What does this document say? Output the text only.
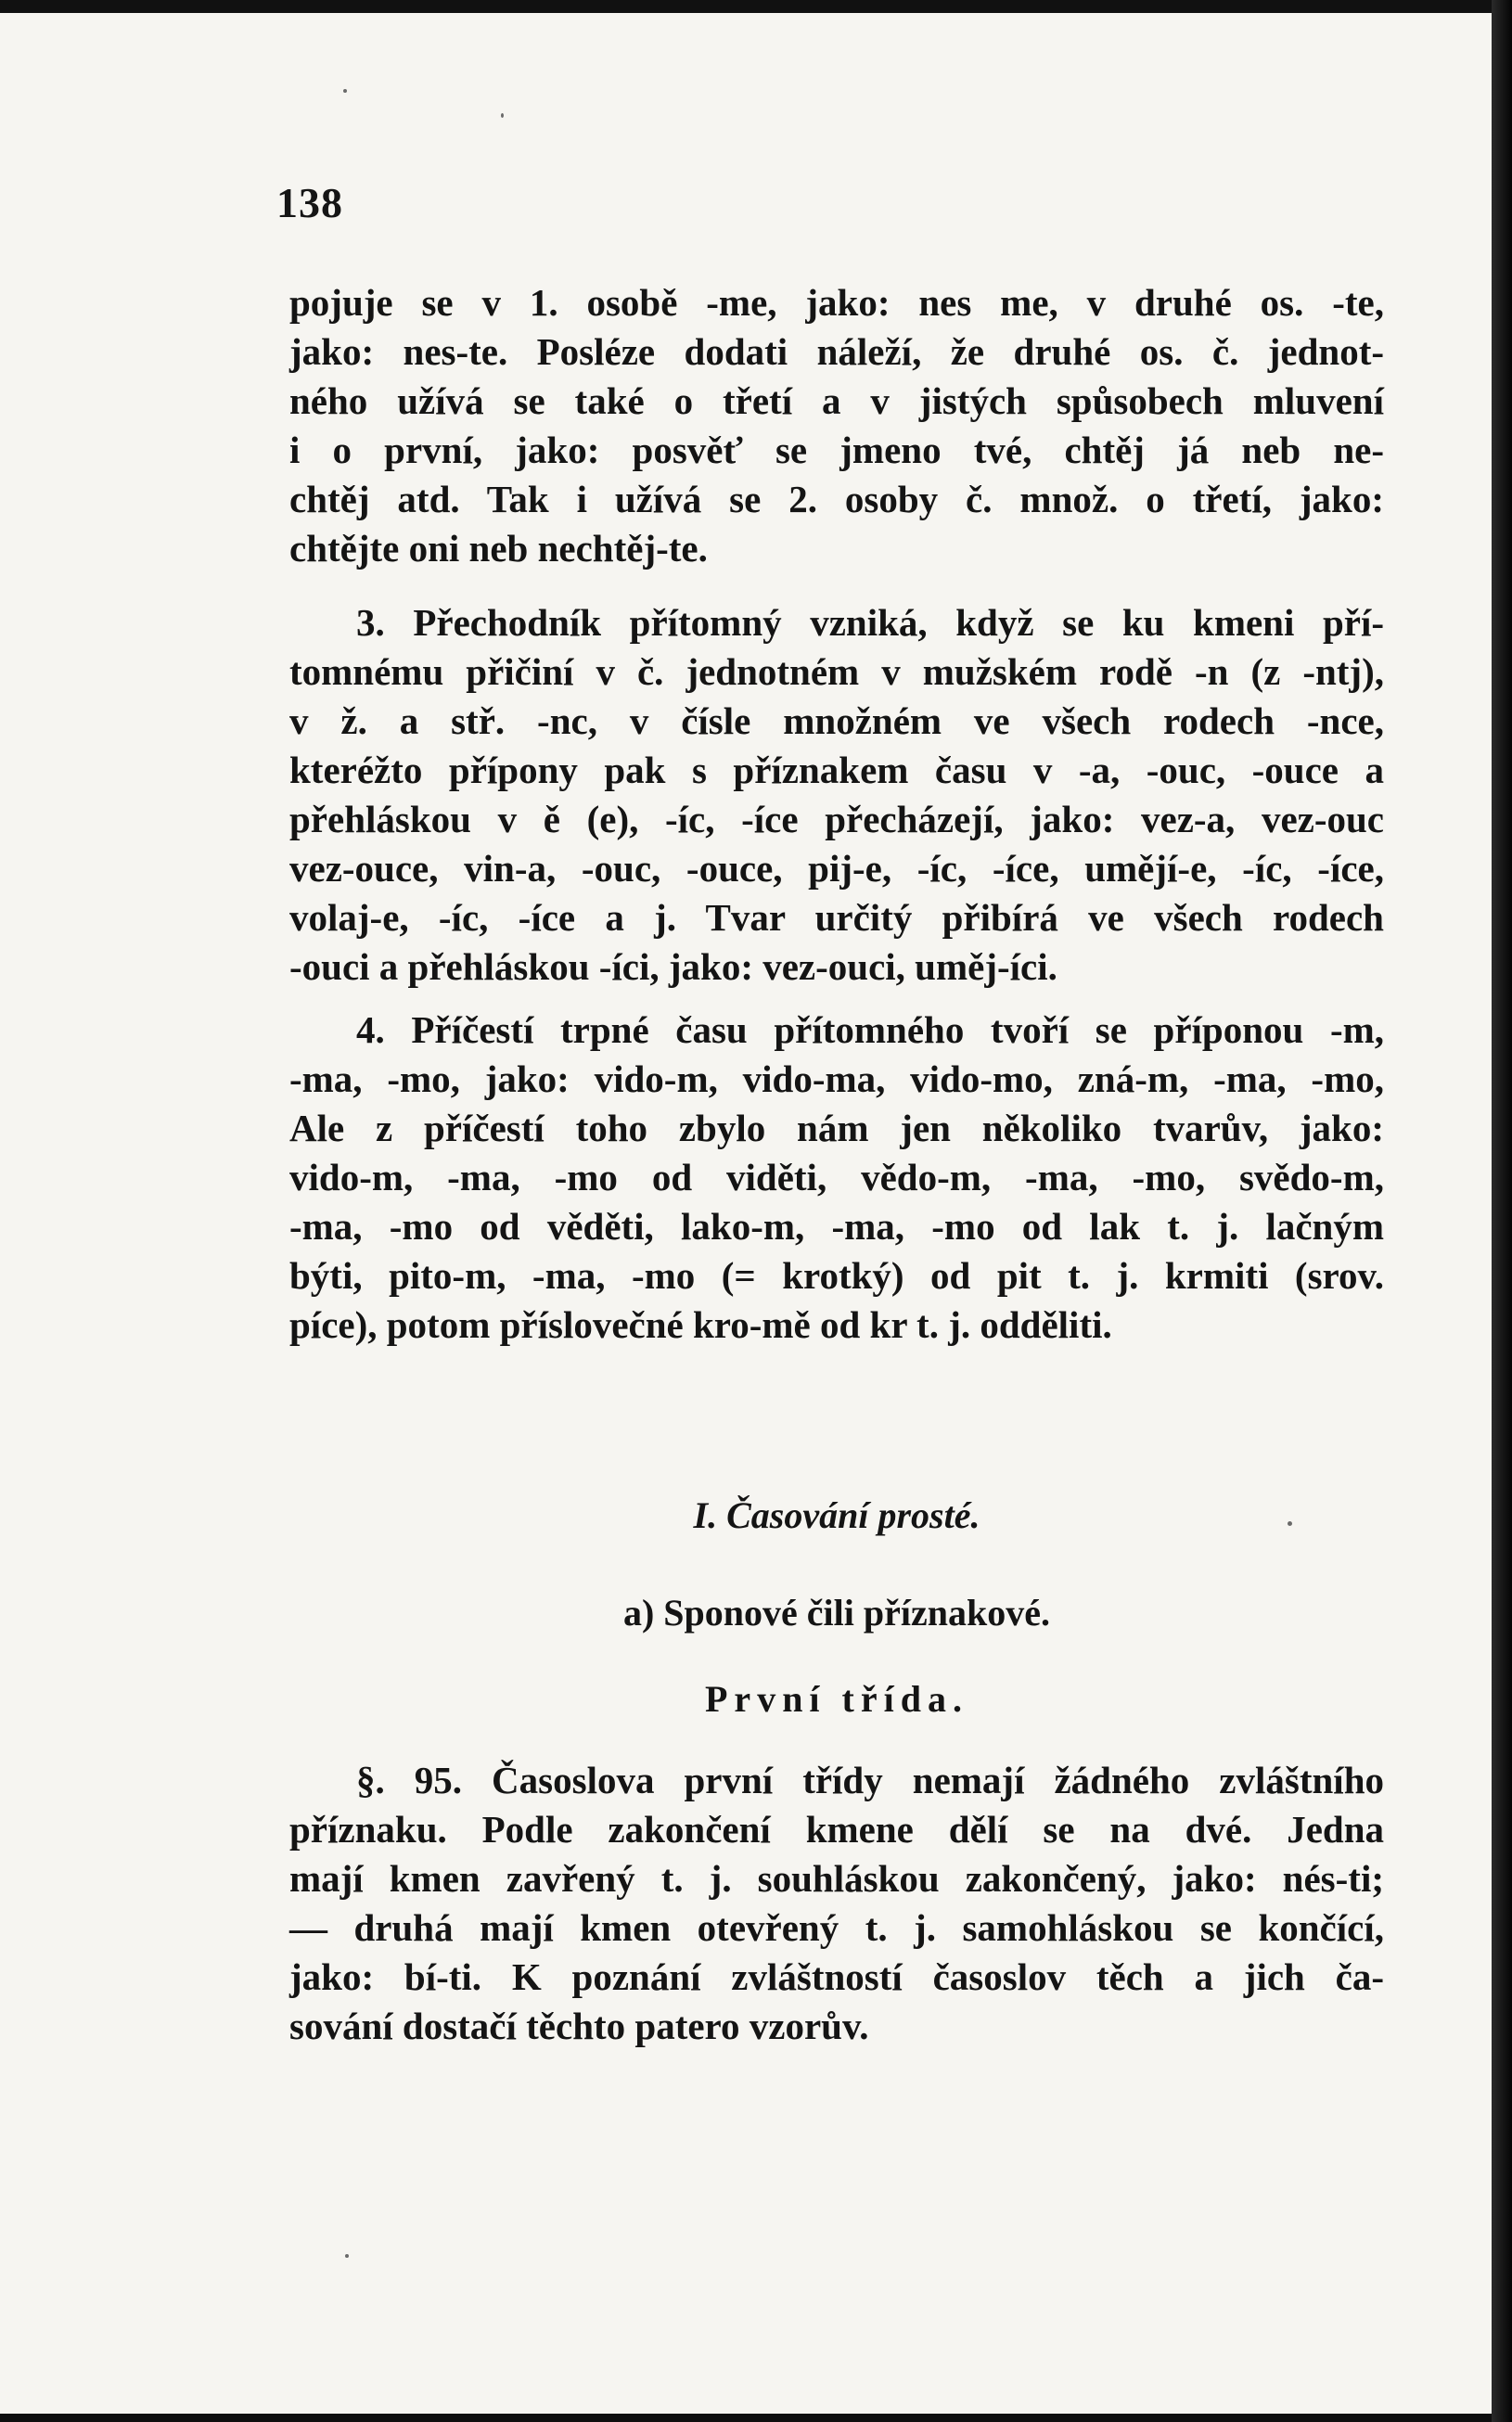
138
pojuje se v 1. osobě -me, jako: nes me, v druhé os. -te,
jako: nes-te. Posléze dodati náleží, že druhé os. č. jednot-
ného užívá se také o třetí a v jistých spůsobech mluvení
i o první, jako: posvěť se jmeno tvé, chtěj já neb ne-
chtěj atd. Tak i užívá se 2. osoby č. množ. o třetí, jako:
chtějte oni neb nechtěj-te.
3. Přechodník přítomný vzniká, když se ku kmeni pří-
tomnému přičiní v č. jednotném v mužském rodě -n (z -ntj),
v ž. a stř. -nc, v čísle množném ve všech rodech -nce,
kteréžto přípony pak s příznakem času v -a, -ouc, -ouce a
přehláskou v ě (e), -íc, -íce přecházejí, jako: vez-a, vez-ouc
vez-ouce, vin-a, -ouc, -ouce, pij-e, -íc, -íce, umějí-e, -íc, -íce,
volaj-e, -íc, -íce a j. Tvar určitý přibírá ve všech rodech
-ouci a přehláskou -íci, jako: vez-ouci, uměj-íci.
4. Příčestí trpné času přítomného tvoří se příponou -m,
-ma, -mo, jako: vido-m, vido-ma, vido-mo, zná-m, -ma, -mo,
Ale z příčestí toho zbylo nám jen několiko tvarův, jako:
vido-m, -ma, -mo od viděti, vědo-m, -ma, -mo, svědo-m,
-ma, -mo od věděti, lako-m, -ma, -mo od lak t. j. lačným
býti, pito-m, -ma, -mo (= krotký) od pit t. j. krmiti (srov.
píce), potom příslovečné kro-mě od kr t. j. odděliti.
I. Časování prosté.
a) Sponové čili příznakové.
První třída.
§. 95. Časoslova první třídy nemají žádného zvláštního
příznaku. Podle zakončení kmene dělí se na dvé. Jedna
mají kmen zavřený t. j. souhláskou zakončený, jako: nés-ti;
— druhá mají kmen otevřený t. j. samohláskou se končící,
jako: bí-ti. K poznání zvláštností časoslov těch a jich ča-
sování dostačí těchto patero vzorův.
